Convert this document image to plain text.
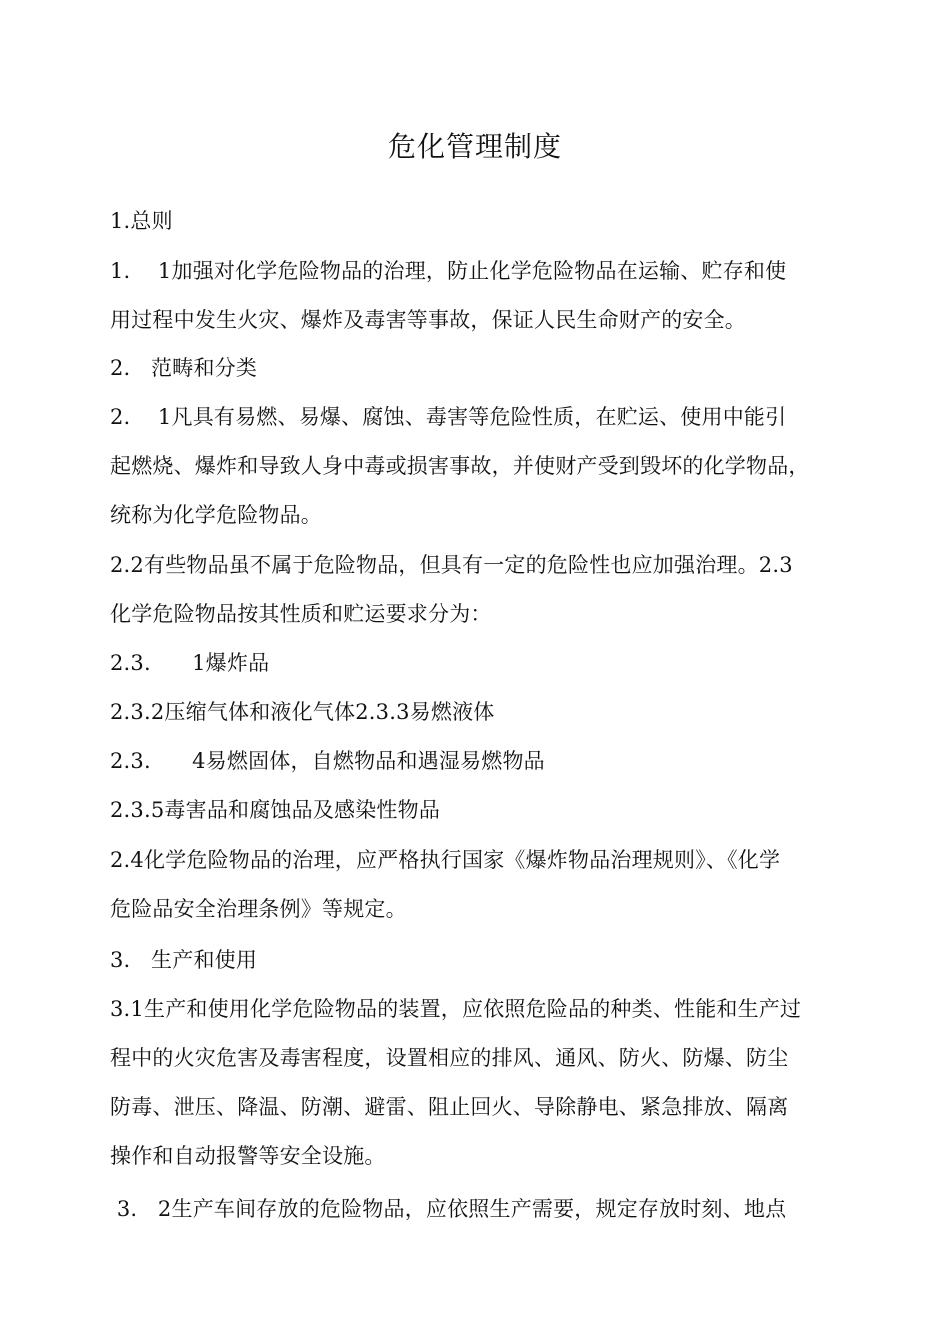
危化管理制度
1.总则
1.    1加强对化学危险物品的治理，防止化学危险物品在运输、贮存和使
用过程中发生火灾、爆炸及毒害等事故，保证人民生命财产的安全。
2.   范畴和分类
2.    1凡具有易燃、易爆、腐蚀、毒害等危险性质，在贮运、使用中能引
起燃烧、爆炸和导致人身中毒或损害事故，并使财产受到毁坏的化学物品，
统称为化学危险物品。
2.2有些物品虽不属于危险物品，但具有一定的危险性也应加强治理。2.3
化学危险物品按其性质和贮运要求分为：
2.3.      1爆炸品
2.3.2压缩气体和液化气体2.3.3易燃液体
2.3.      4易燃固体，自燃物品和遇湿易燃物品
2.3.5毒害品和腐蚀品及感染性物品
2.4化学危险物品的治理，应严格执行国家《爆炸物品治理规则》、《化学
危险品安全治理条例》等规定。
3.   生产和使用
3.1生产和使用化学危险物品的装置，应依照危险品的种类、性能和生产过
程中的火灾危害及毒害程度，设置相应的排风、通风、防火、防爆、防尘
防毒、泄压、降温、防潮、避雷、阻止回火、导除静电、紧急排放、隔离
操作和自动报警等安全设施。
3.   2生产车间存放的危险物品，应依照生产需要，规定存放时刻、地点
